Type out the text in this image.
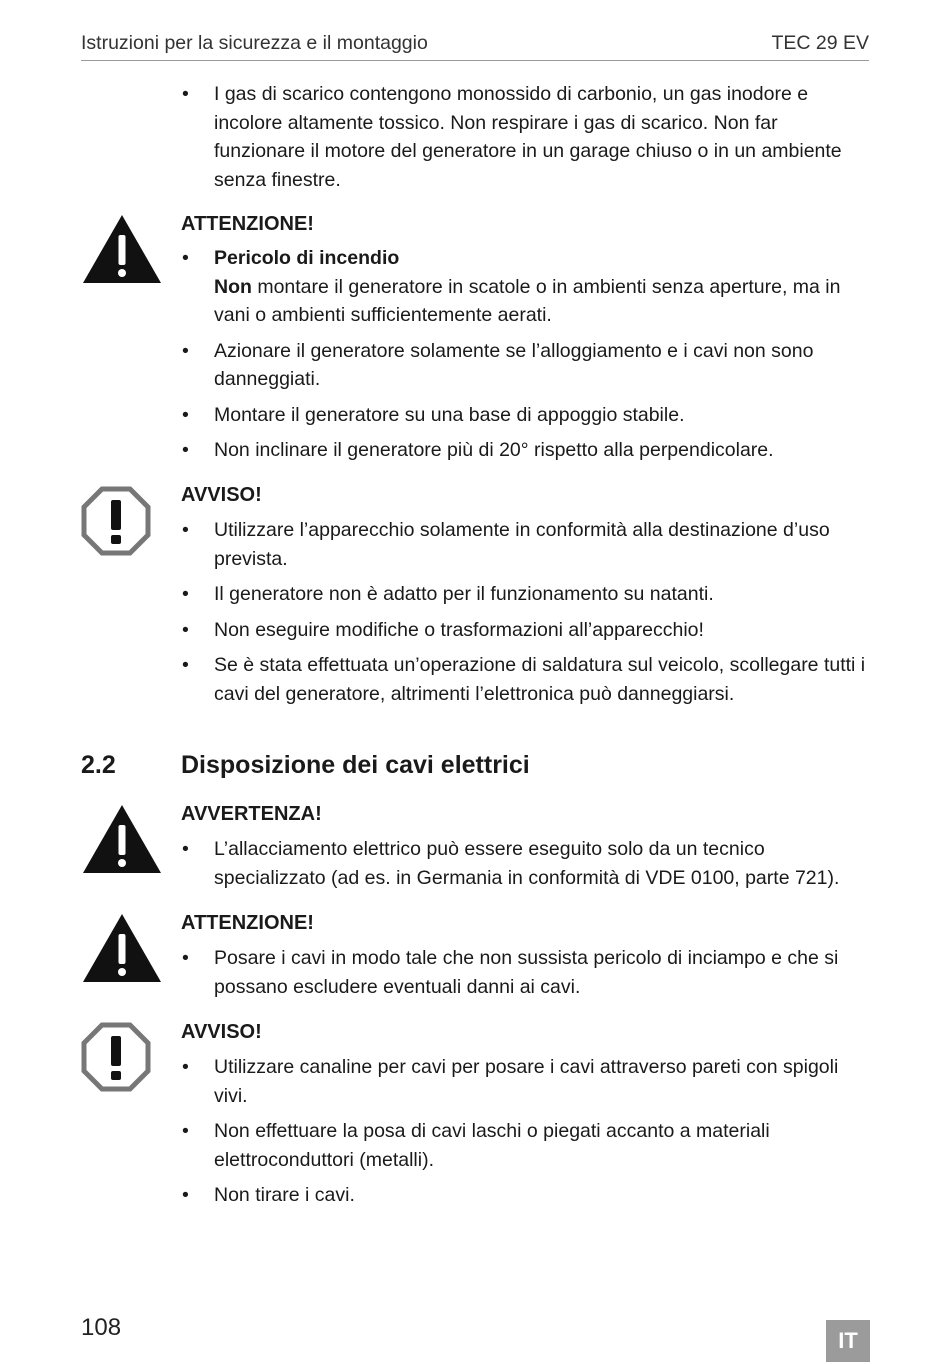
Istruzioni per la sicurezza e il montaggio	TEC 29 EV
• I gas di scarico contengono monossido di carbonio, un gas inodore e incolore altamente tossico. Non respirare i gas di scarico. Non far funzionare il motore del generatore in un garage chiuso o in un ambiente senza finestre.
ATTENZIONE!
• Pericolo di incendio
Non montare il generatore in scatole o in ambienti senza aperture, ma in vani o ambienti sufficientemente aerati.
• Azionare il generatore solamente se l’alloggiamento e i cavi non sono danneggiati.
• Montare il generatore su una base di appoggio stabile.
• Non inclinare il generatore più di 20° rispetto alla perpendicolare.
AVVISO!
• Utilizzare l’apparecchio solamente in conformità alla destinazione d’uso prevista.
• Il generatore non è adatto per il funzionamento su natanti.
• Non eseguire modifiche o trasformazioni all’apparecchio!
• Se è stata effettuata un’operazione di saldatura sul veicolo, scollegare tutti i cavi del generatore, altrimenti l’elettronica può danneggiarsi.
2.2	Disposizione dei cavi elettrici
AVVERTENZA!
• L’allacciamento elettrico può essere eseguito solo da un tecnico specializzato (ad es. in Germania in conformità di VDE 0100, parte 721).
ATTENZIONE!
• Posare i cavi in modo tale che non sussista pericolo di inciampo e che si possano escludere eventuali danni ai cavi.
AVVISO!
• Utilizzare canaline per cavi per posare i cavi attraverso pareti con spigoli vivi.
• Non effettuare la posa di cavi laschi o piegati accanto a materiali elettroconduttori (metalli).
• Non tirare i cavi.
108	IT
